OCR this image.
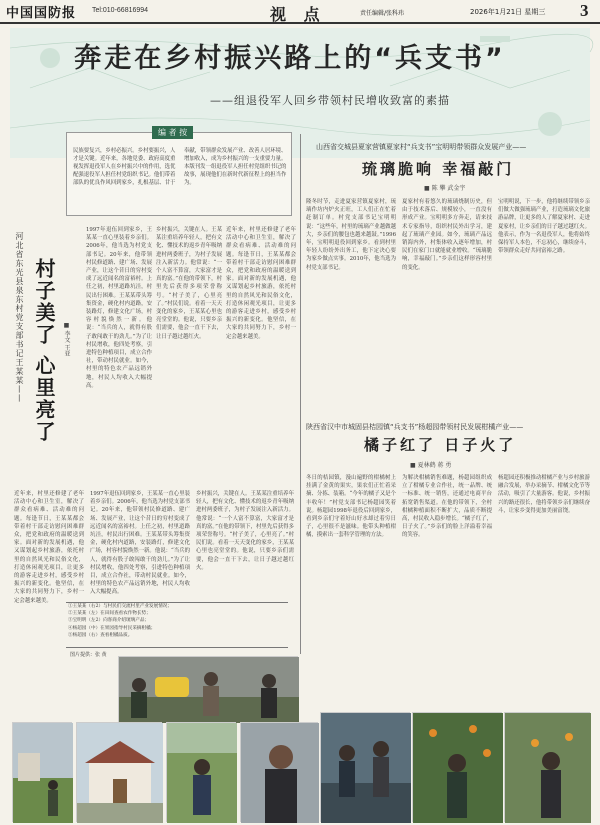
中国国防报 Tel:010-66816994	视 点	责任编辑/张科玮	2026年1月21日 星期三 3
奔走在乡村振兴路上的“兵支书”
——组退役军人回乡带领村民增收致富的素描
民族要复兴，乡村必振兴。乡村要振兴，人才是关键。近年来，各地党委、政府高度重视发挥退役军人在乡村振兴中的作用，选优配强退役军人担任村党组织书记。他们带着部队的优良作风回到家乡，扎根基层、甘于奉献，带领群众发展产业、改善人居环境、增加收入，成为乡村振兴的一支重要力量。本版刊发一组退役军人担任村党组织书记的故事，展现他们在新时代新征程上的担当作为。
编 者 按
河北省东光县泉东村党支部书记王某某—— 村子美了 心里亮了	■ 李文 王亚
1997年退伍回到家乡，王某某一直心里装着乡亲们。2006年，他当选为村党支部书记。20年来，他带领村民修道路、建广场、发展产业，让这个昔日的穷村变成了远近闻名的富裕村。上任之初，村里道路坑洼，村民出行困难。王某某带头筹集资金，硬化村内道路，安装路灯，修建文化广场，村容村貌焕然一新。他说：“当兵的人，就得有股子敢闯敢干的劲儿。”为了让村民增收，他四处考察，引进特色种植项目，成立合作社，带动村民就业。如今，村里的特色农产品远销外地，村民人均收入大幅提高。
乡村振兴，关键在人。王某某注重培养年轻人，把有文化、懂技术的返乡青年吸纳进村两委班子，为村子发展注入新活力。他常说：“一个人富不算富，大家富才是真的富。”在他的带领下，村里先后获得多项荣誉称号。“村子美了，心里亮了。”村民们说。看着一天天变化的家乡，王某某心里也亮堂堂的。他说，只要乡亲们需要，他会一直干下去，让日子越过越红火。
近年来，村里还修建了老年活动中心和卫生室，解决了群众看病难、活动难的问题。每逢节日，王某某都会带着村干部走访慰问困难群众，把党和政府的温暖送到家。面对新的发展机遇，他又谋划起乡村旅游，依托村里的自然风光和民俗文化，打造休闲观光项目，让更多的游客走进乡村，感受乡村振兴的新变化。他坚信，在大家的共同努力下，乡村一定会越来越美。
近年来，村里还修建了老年活动中心和卫生室，解决了群众看病难、活动难的问题。每逢节日，王某某都会带着村干部走访慰问困难群众，把党和政府的温暖送到家。面对新的发展机遇，他又谋划起乡村旅游，依托村里的自然风光和民俗文化，打造休闲观光项目，让更多的游客走进乡村，感受乡村振兴的新变化。他坚信，在大家的共同努力下，乡村一定会越来越美。
1997年退伍回到家乡，王某某一直心里装着乡亲们。2006年，他当选为村党支部书记。20年来，他带领村民修道路、建广场、发展产业，让这个昔日的穷村变成了远近闻名的富裕村。上任之初，村里道路坑洼，村民出行困难。王某某带头筹集资金，硬化村内道路，安装路灯，修建文化广场，村容村貌焕然一新。他说：“当兵的人，就得有股子敢闯敢干的劲儿。”为了让村民增收，他四处考察，引进特色种植项目，成立合作社，带动村民就业。如今，村里的特色农产品远销外地，村民人均收入大幅提高。
乡村振兴，关键在人。王某某注重培养年轻人，把有文化、懂技术的返乡青年吸纳进村两委班子，为村子发展注入新活力。他常说：“一个人富不算富，大家富才是真的富。”在他的带领下，村里先后获得多项荣誉称号。“村子美了，心里亮了。”村民们说。看着一天天变化的家乡，王某某心里也亮堂堂的。他说，只要乡亲们需要，他会一直干下去，让日子越过越红火。
山西省交城县夏家营镇夏家村“兵支书”宝明明带领群众发展产业——
琉璃脆响 幸福敲门
■ 陈 攀 武金宇
隆冬时节，走进夏家营镇夏家村，琉璃作坊内炉火正旺，工人们正在忙着赶制订单。村党支部书记宝明明说：“这些年，村里的琉璃产业越做越大，乡亲们的腰包也越来越鼓。”1996年，宝明明退役回到家乡。看到村里年轻人纷纷外出务工，他下定决心要为家乡做点实事。2010年，他当选为村党支部书记。
夏家村有着悠久的琉璃烧制历史，但由于技术落后、规模较小，一直没有形成产业。宝明明多方奔走，请来技术专家指导，组织村民外出学习，建起了琉璃产业园。如今，琉璃产品远销海内外，村集体收入逐年增加，村民们在家门口就能就业增收。“琉璃脆响，幸福敲门。”乡亲们这样形容村里的变化。
宝明明说，下一步，他将继续带领乡亲们做大做强琉璃产业，打造琉璃文化旅游品牌，让更多的人了解夏家村、走进夏家村，让乡亲们的日子越过越红火。他表示，作为一名退役军人，他将始终保持军人本色，不忘初心，继续奋斗，带领群众走好共同富裕之路。
陕西省汉中市城固县桔园镇“兵支书”杨超园带领村民发展柑橘产业——
橘子红了 日子火了
■ 夏林鹤 蒋 勇
冬日的桔园镇，漫山遍野的柑橘树上挂满了金黄的果实，果农们正忙着采摘、分拣、装箱。“今年的橘子又是个丰收年！”村党支部书记杨超园笑着说。杨超园1998年退役后回到家乡，看到乡亲们守着好山好水却过着穷日子，心里很不是滋味。他带头种植柑橘，摸索出一套科学管理的方法。
为解决柑橘销售难题，杨超园组织成立了柑橘专业合作社，统一品牌、统一标准、统一销售，还通过电商平台拓宽销售渠道。在他的带领下，全村柑橘种植面积不断扩大，品质不断提高，村民收入稳步增长。“橘子红了，日子火了。”乡亲们的脸上洋溢着幸福的笑容。
杨超园还积极推动柑橘产业与乡村旅游融合发展，举办采摘节、柑橘文化节等活动，吸引了大量游客。他说，乡村振兴的路还很长，他将带领乡亲们继续奋斗，让家乡变得更加美丽富饶。

①王某某（右2）与村民们交流村里产业发展情况；

②王某某（左）在田间查看农作物长势；

③宝明明（左2）向客商介绍琉璃产品；

④杨超园（中）在果园指导村民采摘柑橘；

⑤杨超园（右）查看柑橘品质。

图片提供：张 黄
